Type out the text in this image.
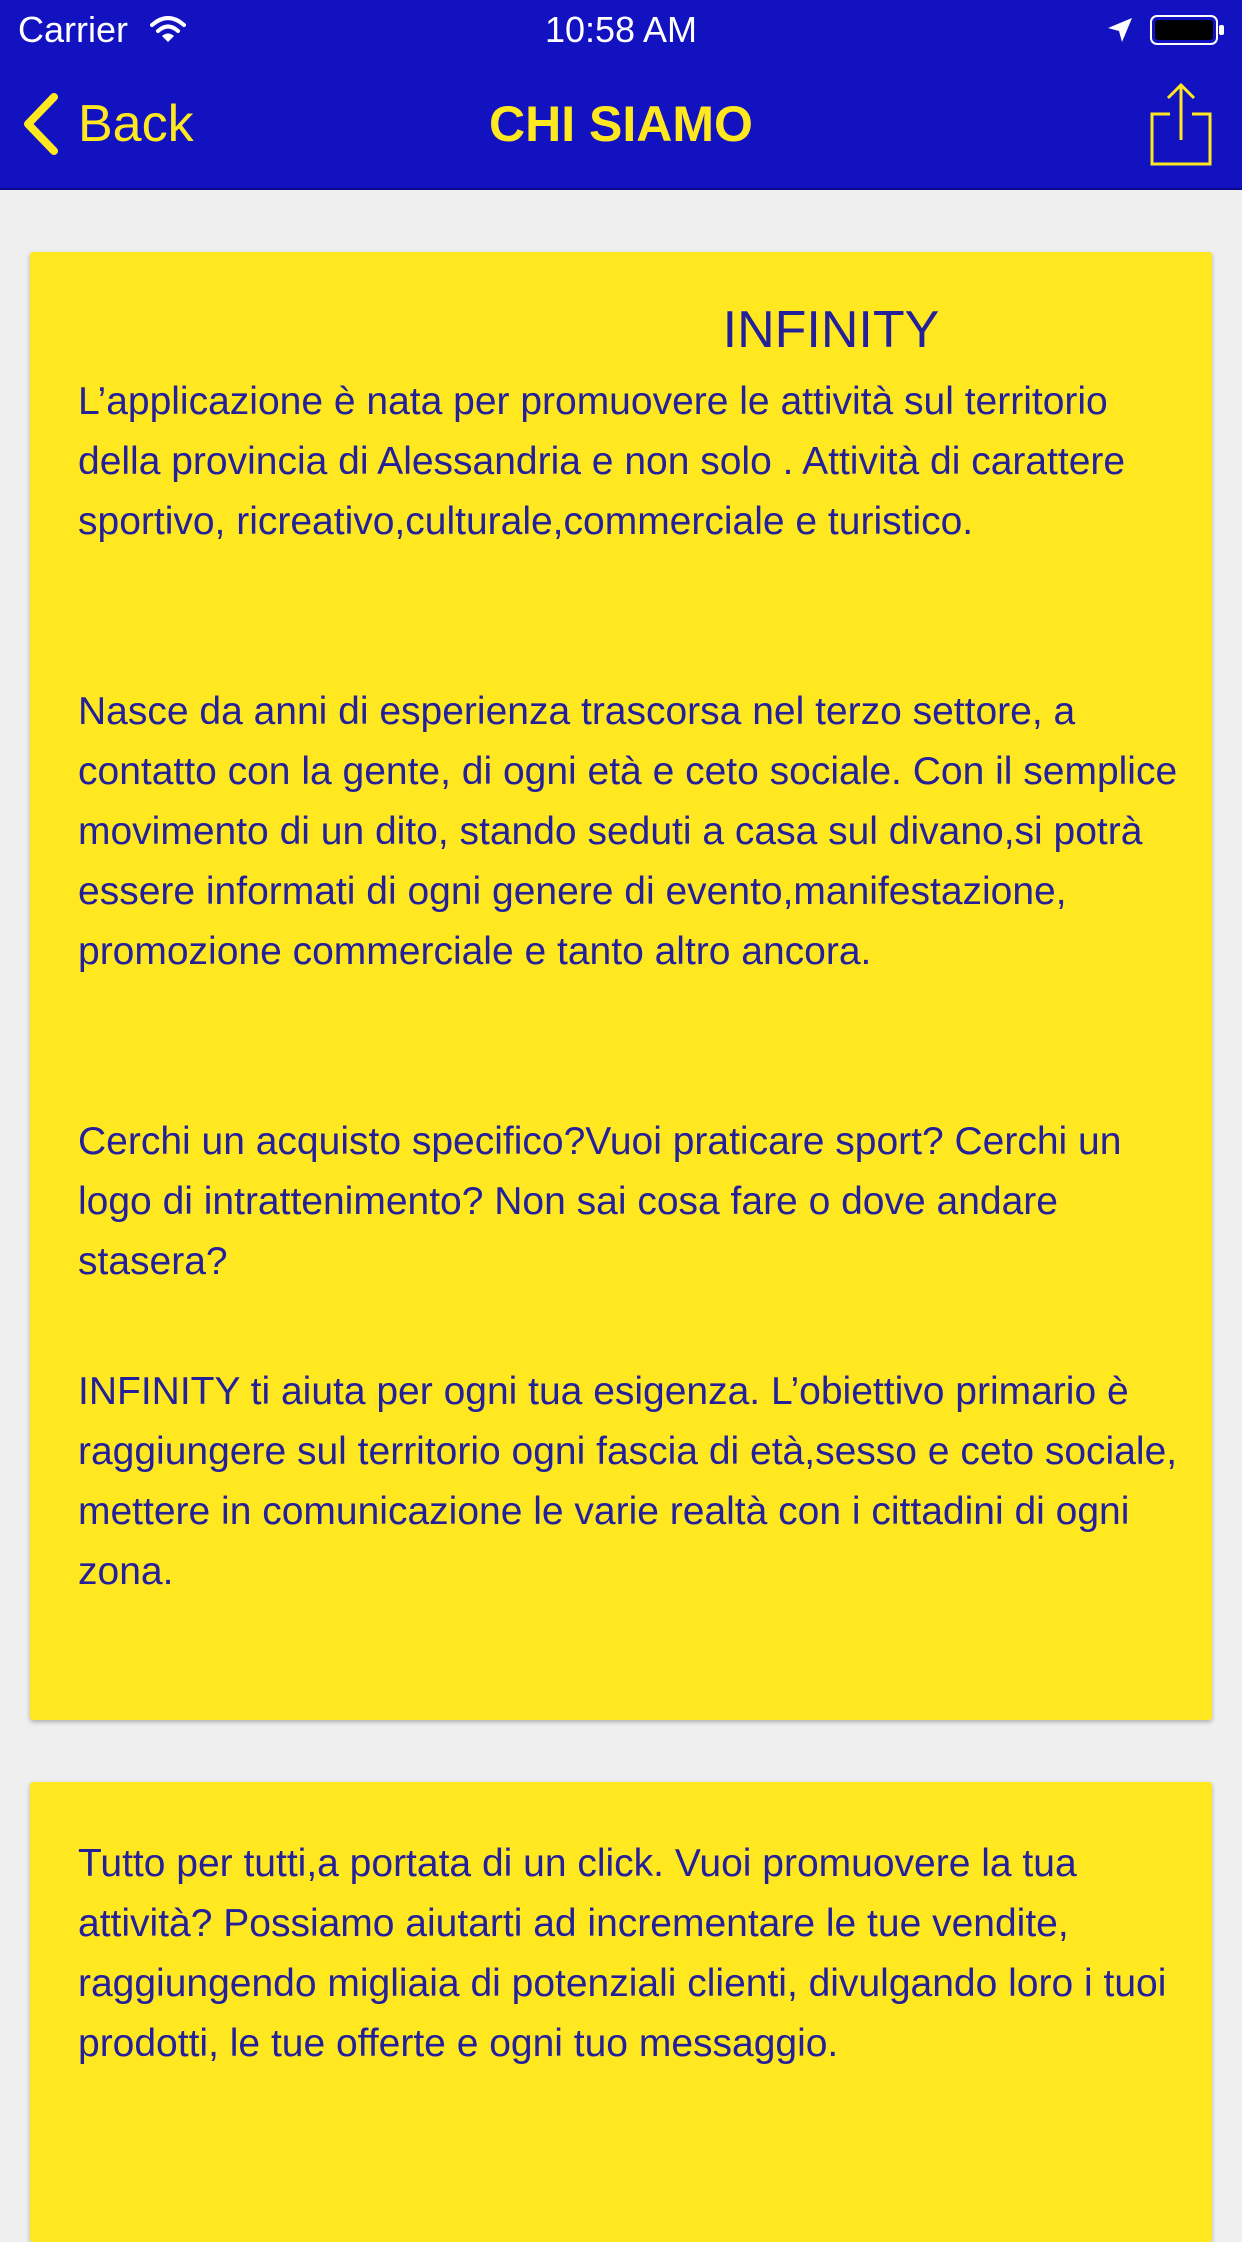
Carrier	10:58 AM
Back	CHI SIAMO
INFINITY

L’applicazione è nata per promuovere le attività sul territorio della provincia di Alessandria e non solo . Attività di carattere sportivo, ricreativo,culturale,commerciale e turistico.

Nasce da anni di esperienza trascorsa nel terzo settore, a contatto con la gente, di ogni età e ceto sociale. Con il semplice movimento di un dito, stando seduti a casa sul divano,si potrà essere informati di ogni genere di evento,manifestazione, promozione commerciale e tanto altro ancora.

Cerchi un acquisto specifico?Vuoi praticare sport? Cerchi un logo di intrattenimento? Non sai cosa fare o dove andare stasera?

INFINITY ti aiuta per ogni tua esigenza. L’obiettivo primario è raggiungere sul territorio ogni fascia di età,sesso e ceto sociale, mettere in comunicazione le varie realtà con i cittadini di ogni zona.

Tutto per tutti,a portata di un click. Vuoi promuovere la tua attività? Possiamo aiutarti ad incrementare le tue vendite, raggiungendo migliaia di potenziali clienti, divulgando loro i tuoi prodotti, le tue offerte e ogni tuo messaggio.
